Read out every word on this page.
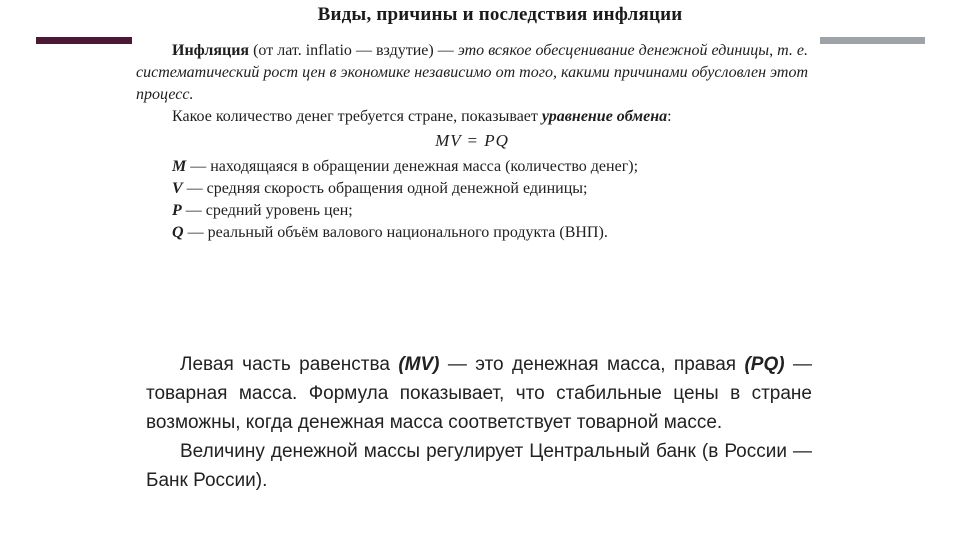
Виды, причины и последствия инфляции

Инфляция (от лат. inflatio — вздутие) — это всякое обесценивание денежной единицы, т. е. систематический рост цен в экономике независимо от того, какими причинами обусловлен этот процесс.

Какое количество денег требуется стране, показывает уравнение обмена:

MV = PQ

M — находящаяся в обращении денежная масса (количество денег);

V — средняя скорость обращения одной денежной единицы;

P — средний уровень цен;

Q — реальный объём валового национального продукта (ВНП).

Левая часть равенства (MV) — это денежная масса, правая (PQ) — товарная масса. Формула показывает, что стабильные цены в стране возможны, когда денежная масса соответствует товарной массе.

Величину денежной массы регулирует Центральный банк (в России — Банк России).
